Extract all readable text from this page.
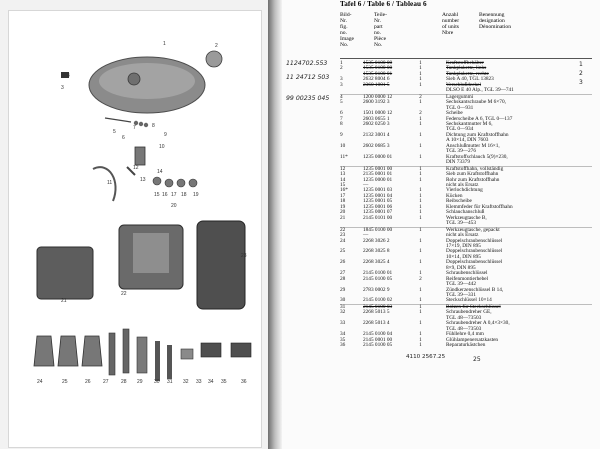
1	2
3
4
5
6
7	8
9
10
11
12
13
14
15 16 17 18 19
20
21
22
23
24	25	26 27 28 29 30 31 32 33 34 35	36
Tafel 6 / Table 6 / Tableau 6
Bild-
Nr.
fig.
no.
Image
No.
Teile-
Nr.
part
no.
Pièce
No.
Anzahl
number
of units
Nbre
Benennung
designation
Dénomination
1124702.553
11 24712 503
99 00235 045
1
2
3
25
4110 2567.25
1	1535 0100 00	1	Kraftstoffbehälter
2	1535 0100 00	1	Tankplakette, links
1535 0100 01	1	Tankplakette, rechte
3	2632 8004 6	1	Sieb A 40, TGL 13823
3	2360 1001 5	1	Verschlußdeckel
DLSO E 40 Alp., TGL 39—741
4	1200 0000 12	2	Lagergummi
5	2600 3192 3	1	Sechskantschraube M 6×70,
TGL 0—931
6	1501 0000 12	2	Scheibe
7	2603 0655 1	1	Federscheibe A 6, TGL 0—137
8	2602 0250 3	1	Sechskantmutter M 6,
TGL 0—934
9	2132 3001 4	1	Dichtung zum Kraftstoffhahn
A 10×14, DIN 7603
10	2602 0685 3	1	Anschlußmutter M 16×1,
TGL 39—276
11*	1235 0000 01	1	Kraftstoffschlauch 5(9)×230,
DIN 73379
12	1235 0001 00	1	Kraftstoffhahn, vollständig
13	2135 0001 01	1	Sieb zum Kraftstoffhahn
14	1235 0000 01	1	Rohr zum Kraftstoffhahn
15	—	nicht als Ersatz
16*	1235 0001 03	1	Vierlochdichtung
17	1235 0001 04	1	Kücken
18	1235 0001 05	1	Reibscheibe
19	1235 0001 06	1	Klemmfeder für Kraftstoffhahn
20	1235 0001 07	1	Schlauchanschluß
21	2145 0101 00	1	Werkzeugtasche B,
TGL 39—453
22	1845 0100 00	1	Werkzeugtasche, gepackt
23	—	nicht als Ersatz
24	2268 3026 2	1	Doppelschraubenschlüssel
17×19, DIN 895
25	2268 3025 8	1	Doppelschraubenschlüssel
10×14, DIN 895
26	2268 3025 4	1	Doppelschraubenschlüssel
8×9, DIN 895
27	2145 0100 01	1	Schraubenschlüssel
28	2145 0100 05	2	Reifenmontierhebel
TGL 39—442
29	2783 0002 9	1	Zündkerzenschlüssel B 14,
TGL 39—331
30	2145 0100 02	1	Steckschlüssel 10×14
31	2145 0100 03	1	Bolzen für Steckschlüssel
32	2268 5013 5	1	Schraubendreher GE,
TGL 48—73503
33	2268 5013 4	1	Schraubendreher A 0,4×3×30,
TGL 48—73503
34	2145 0100 04	1	Fühllehre 0,4 mm
35	2145 0001 00	1	Glühlampenersatzkasten
36	2145 0100 05	1	Reparaturkästchen
